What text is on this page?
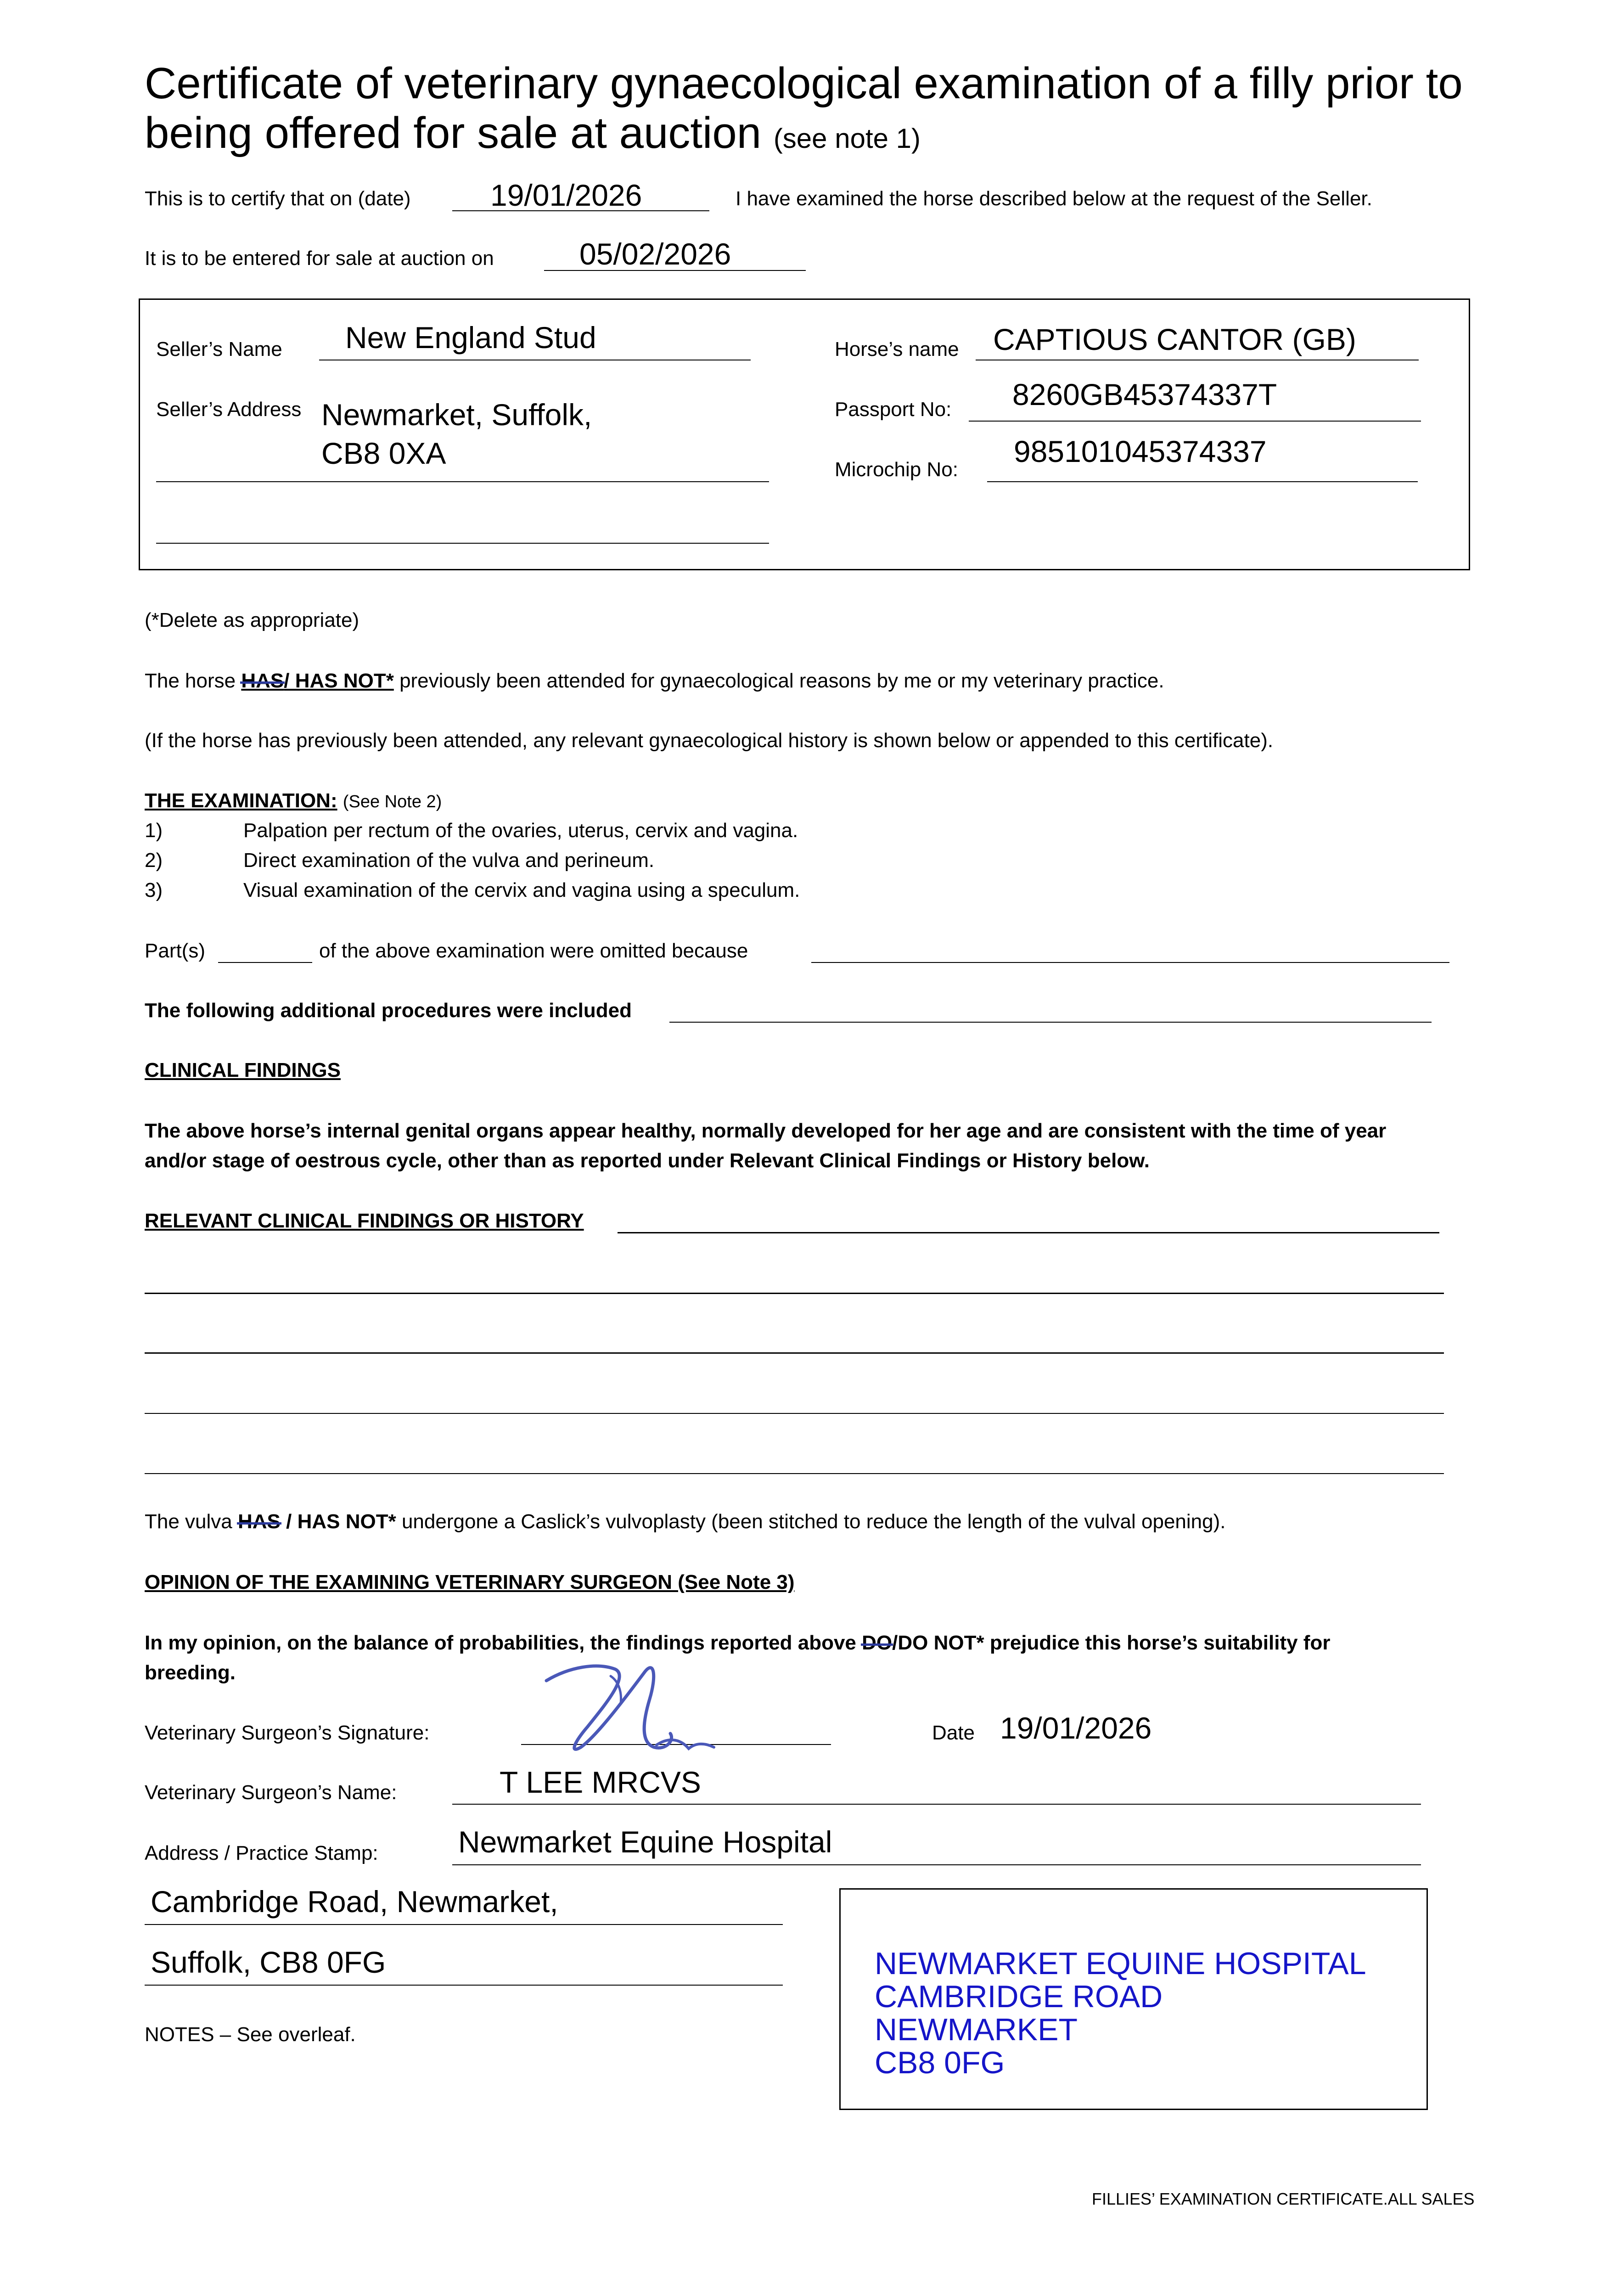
Certificate of veterinary gynaecological examination of a filly prior to
being offered for sale at auction (see note 1)
This is to certify that on (date)	19/01/2026	I have examined the horse described below at the request of the Seller.
It is to be entered for sale at auction on	05/02/2026
Seller’s Name New England Stud
Seller’s Address Newmarket, Suffolk,
CB8 0XA
Horse’s name CAPTIOUS CANTOR (GB)
Passport No: 8260GB45374337T
Microchip No:
985101045374337
(*Delete as appropriate)
The horse HAS/ HAS NOT* previously been attended for gynaecological reasons by me or my veterinary practice.
(If the horse has previously been attended, any relevant gynaecological history is shown below or appended to this certificate).
THE EXAMINATION: (See Note 2)
1)	Palpation per rectum of the ovaries, uterus, cervix and vagina.
2)	Direct examination of the vulva and perineum.
3)	Visual examination of the cervix and vagina using a speculum.
Part(s)	of the above examination were omitted because
The following additional procedures were included
CLINICAL FINDINGS
The above horse’s internal genital organs appear healthy, normally developed for her age and are consistent with the time of year
and/or stage of oestrous cycle, other than as reported under Relevant Clinical Findings or History below.
RELEVANT CLINICAL FINDINGS OR HISTORY
The vulva HAS / HAS NOT* undergone a Caslick’s vulvoplasty (been stitched to reduce the length of the vulval opening).
OPINION OF THE EXAMINING VETERINARY SURGEON (See Note 3)
In my opinion, on the balance of probabilities, the findings reported above DO/DO NOT* prejudice this horse’s suitability for
breeding.
Veterinary Surgeon’s Signature:	Date 19/01/2026
Veterinary Surgeon’s Name:	T LEE MRCVS
Address / Practice Stamp:	Newmarket Equine Hospital
Cambridge Road, Newmarket,
Suffolk, CB8 0FG	NEWMARKET EQUINE HOSPITAL
CAMBRIDGE ROAD
NEWMARKET
CB8 0FG
NOTES – See overleaf.
FILLIES’ EXAMINATION CERTIFICATE.ALL SALES
